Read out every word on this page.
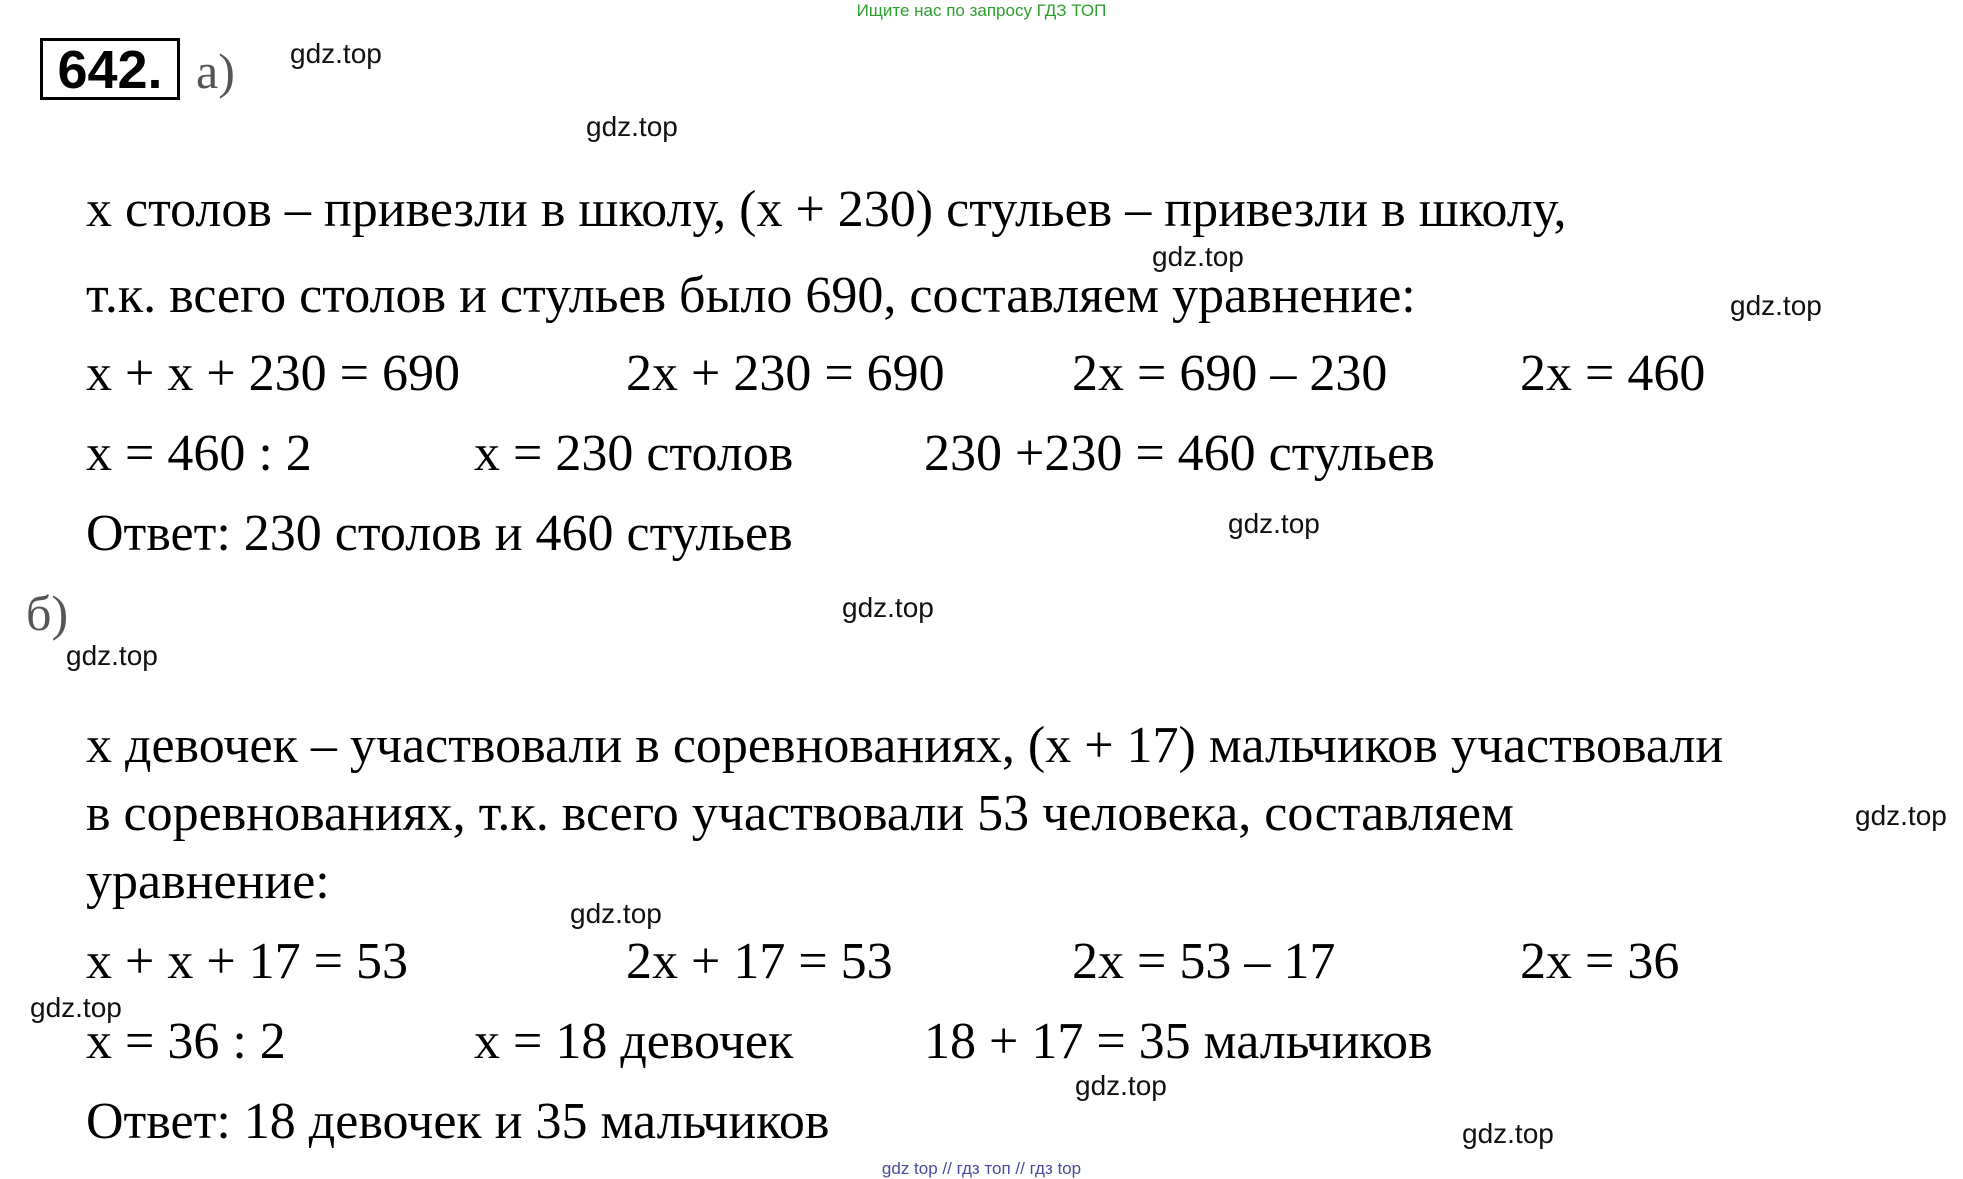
Ищите нас по запросу ГДЗ ТОП
642. а) gdz.top
gdz.top
gdz.top
gdz.top
gdz.top
gdz.top
gdz.top
gdz.top
gdz.top
gdz.top
gdz.top
gdz.top
gdz.top
x столов – привезли в школу, (x + 230) стульев – привезли в школу,
т.к. всего столов и стульев было 690, составляем уравнение:
x + x + 230 = 690	2x + 230 = 690 2x = 690 – 230	2x = 460
x = 460 : 2	x = 230 столов	230 +230 = 460 стульев
Ответ: 230 столов и 460 стульев
б)
x девочек – участвовали в соревнованиях, (x + 17) мальчиков участвовали
в соревнованиях, т.к. всего участвовали 53 человека, составляем
уравнение:
x + x + 17 = 53	2x + 17 = 53	2x = 53 – 17	2x = 36
x = 36 : 2	x = 18 девочек	18 + 17 = 35 мальчиков
Ответ: 18 девочек и 35 мальчиков
gdz top // гдз топ // гдз top
